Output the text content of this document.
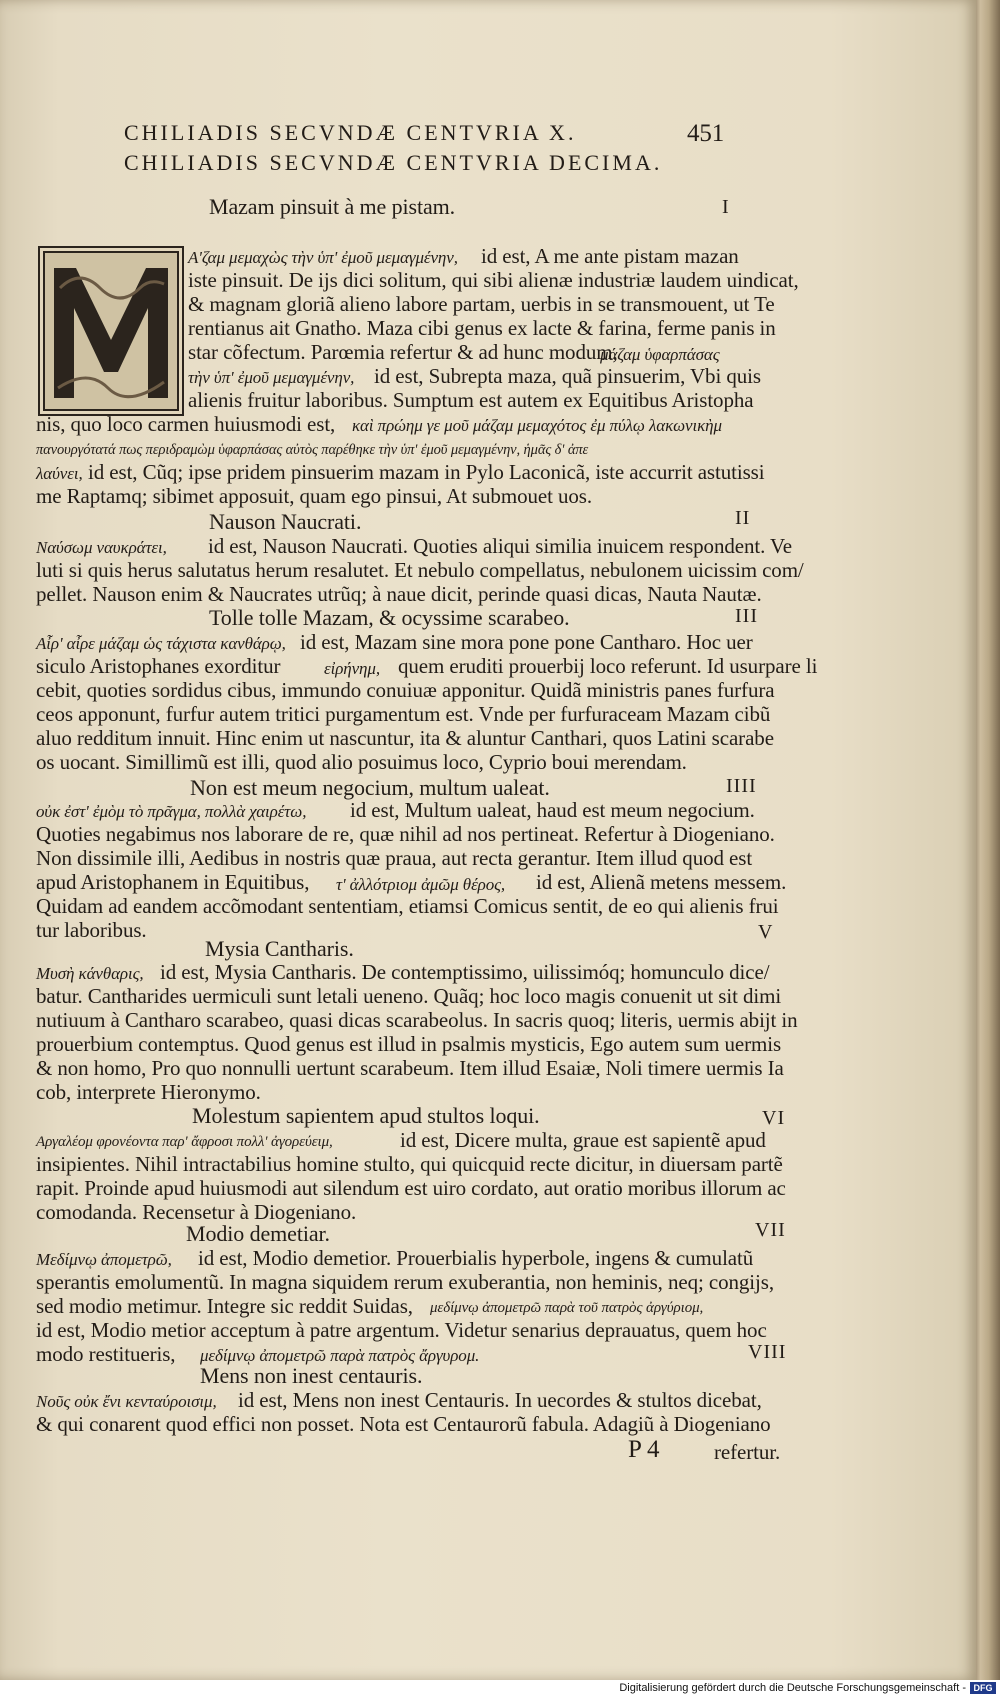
CHILIADIS SECVNDÆ CENTVRIA X.	451
CHILIADIS SECVNDÆ CENTVRIA DECIMA.
Mazam pinsuit à me pistam.	I
Α'ζαμ μεμαχὼς τὴν ὑπ' ἐμοῦ μεμαγμένην, id est, A me ante pistam mazan
iste pinsuit. De ijs dici solitum, qui sibi alienæ industriæ laudem uindicat,
& magnam gloriã alieno labore partam, uerbis in se transmouent, ut Te
rentianus ait Gnatho. Maza cibi genus ex lacte & farina, ferme panis in
star cõfectum. Parœmia refertur & ad hunc modum,
μάζαμ ὑφαρπάσας
τὴν ὑπ' ἐμοῦ μεμαγμένην, id est, Subrepta maza, quã pinsuerim, Vbi quis
alienis fruitur laboribus. Sumptum est autem ex Equitibus Aristopha
nis, quo loco carmen huiusmodi est, καὶ πρώημ γε μοῦ μάζαμ μεμαχότος ἐμ πύλῳ λακωνικὴμ
πανουργότατά πως περιδραμὼμ ὑφαρπάσας αὐτὸς παρέθηκε τὴν ὑπ' ἐμοῦ μεμαγμένην, ἡμᾶς δ' ἀπε
λαύνει, id est, Cũq; ipse pridem pinsuerim mazam in Pylo Laconicã, iste accurrit astutissi
me Raptamq; sibimet apposuit, quam ego pinsui, At submouet uos.
Nauson Naucrati.	II
Ναύσωμ ναυκράτει, id est, Nauson Naucrati. Quoties aliqui similia inuicem respondent. Ve
luti si quis herus salutatus herum resalutet. Et nebulo compellatus, nebulonem uicissim com/
pellet. Nauson enim & Naucrates utrũq; à naue dicit, perinde quasi dicas, Nauta Nautæ.
Tolle tolle Mazam, & ocyssime scarabeo.	III
Αἶρ' αἶρε μάζαμ ὡς τάχιστα κανθάρῳ, id est, Mazam sine mora pone pone Cantharo. Hoc uer
siculo Aristophanes exorditur	εἰρήνημ, quem eruditi prouerbij loco referunt. Id usurpare li
cebit, quoties sordidus cibus, immundo conuiuæ apponitur. Quidã ministris panes furfura
ceos apponunt, furfur autem tritici purgamentum est. Vnde per furfuraceam Mazam cibũ
aluo redditum innuit. Hinc enim ut nascuntur, ita & aluntur Canthari, quos Latini scarabe
os uocant. Simillimũ est illi, quod alio posuimus loco, Cyprio boui merendam.
Non est meum negocium, multum ualeat.	IIII
οὐκ ἐστ' ἐμὸμ τὸ πρᾶγμα, πολλὰ χαιρέτω, id est, Multum ualeat, haud est meum negocium.
Quoties negabimus nos laborare de re, quæ nihil ad nos pertineat. Refertur à Diogeniano.
Non dissimile illi, Aedibus in nostris quæ praua, aut recta gerantur. Item illud quod est
apud Aristophanem in Equitibus, τ' ἀλλότριομ ἀμῶμ θέρος, id est, Alienã metens messem.
Quidam ad eandem accõmodant sententiam, etiamsi Comicus sentit, de eo qui alienis frui
tur laboribus.	V
Mysia Cantharis.
Μυσὴ κάνθαρις, id est, Mysia Cantharis. De contemptissimo, uilissimóq; homunculo dice/
batur. Cantharides uermiculi sunt letali ueneno. Quãq; hoc loco magis conuenit ut sit dimi
nutiuum à Cantharo scarabeo, quasi dicas scarabeolus. In sacris quoq; literis, uermis abijt in
prouerbium contemptus. Quod genus est illud in psalmis mysticis, Ego autem sum uermis
& non homo, Pro quo nonnulli uertunt scarabeum. Item illud Esaiæ, Noli timere uermis Ia
cob, interprete Hieronymo.
Molestum sapientem apud stultos loqui.	VI
Αργαλέομ φρονέοντα παρ' ἄφροσι πολλ' ἀγορεύειμ,	id est, Dicere multa, graue est sapientẽ apud
insipientes. Nihil intractabilius homine stulto, qui quicquid recte dicitur, in diuersam partẽ
rapit. Proinde apud huiusmodi aut silendum est uiro cordato, aut oratio moribus illorum ac
comodanda. Recensetur à Diogeniano.
Modio demetiar.	VII
Μεδίμνῳ ἀπομετρῶ, id est, Modio demetior. Prouerbialis hyperbole, ingens & cumulatũ
sperantis emolumentũ. In magna siquidem rerum exuberantia, non heminis, neq; congijs,
sed modio metimur. Integre sic reddit Suidas, μεδίμνῳ ἀπομετρῶ παρὰ τοῦ πατρὸς ἀργύριομ,
id est, Modio metior acceptum à patre argentum. Videtur senarius deprauatus, quem hoc
modo restitueris, μεδίμνῳ ἀπομετρῶ παρὰ πατρὸς ἄργυρομ.	VIII
Mens non inest centauris.
Νοῦς οὐκ ἔνι κενταύροισιμ, id est, Mens non inest Centauris. In uecordes & stultos dicebat,
& qui conarent quod effici non posset. Nota est Centaurorũ fabula. Adagiũ à Diogeniano
P 4	refertur.
Digitalisierung gefördert durch die Deutsche Forschungsgemeinschaft - DFG
